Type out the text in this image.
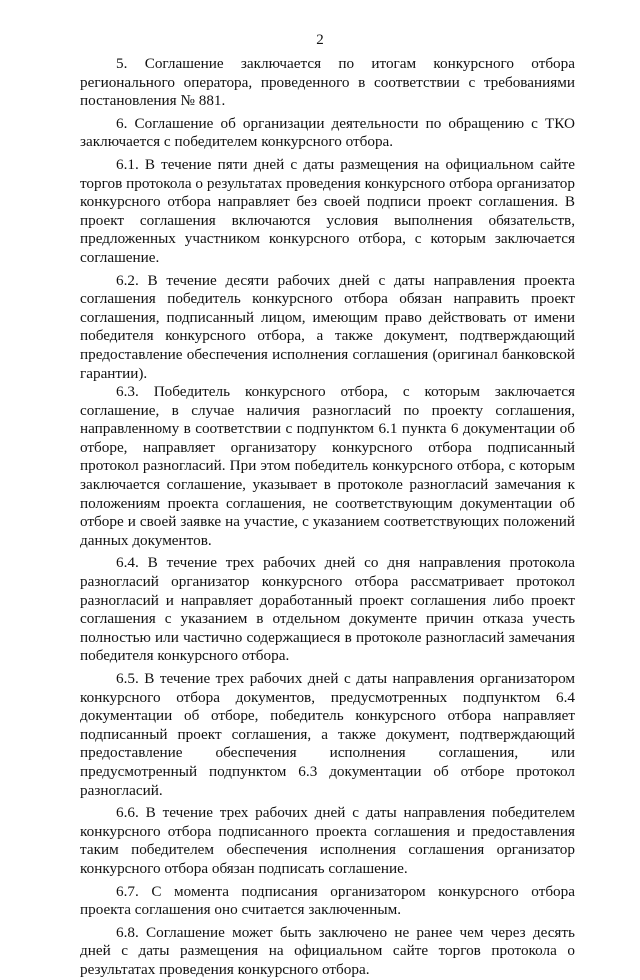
2

5. Соглашение заключается по итогам конкурсного отбора регионального оператора, проведенного в соответствии с требованиями постановления № 881.

6. Соглашение об организации деятельности по обращению с ТКО заключается с победителем конкурсного отбора.

6.1. В течение пяти дней с даты размещения на официальном сайте торгов протокола о результатах проведения конкурсного отбора организатор конкурсного отбора направляет без своей подписи проект соглашения. В проект соглашения включаются условия выполнения обязательств, предложенных участником конкурсного отбора, с которым заключается соглашение.

6.2. В течение десяти рабочих дней с даты направления проекта соглашения победитель конкурсного отбора обязан направить проект соглашения, подписанный лицом, имеющим право действовать от имени победителя конкурсного отбора, а также документ, подтверждающий предоставление обеспечения исполнения соглашения (оригинал банковской гарантии).

6.3. Победитель конкурсного отбора, с которым заключается соглашение, в случае наличия разногласий по проекту соглашения, направленному в соответствии с подпунктом 6.1 пункта 6 документации об отборе, направляет организатору конкурсного отбора подписанный протокол разногласий. При этом победитель конкурсного отбора, с которым заключается соглашение, указывает в протоколе разногласий замечания к положениям проекта соглашения, не соответствующим документации об отборе и своей заявке на участие, с указанием соответствующих положений данных документов.

6.4. В течение трех рабочих дней со дня направления протокола разногласий организатор конкурсного отбора рассматривает протокол разногласий и направляет доработанный проект соглашения либо проект соглашения с указанием в отдельном документе причин отказа учесть полностью или частично содержащиеся в протоколе разногласий замечания победителя конкурсного отбора.

6.5. В течение трех рабочих дней с даты направления организатором конкурсного отбора документов, предусмотренных подпунктом 6.4 документации об отборе, победитель конкурсного отбора направляет подписанный проект соглашения, а также документ, подтверждающий предоставление обеспечения исполнения соглашения, или предусмотренный подпунктом 6.3 документации об отборе протокол разногласий.

6.6. В течение трех рабочих дней с даты направления победителем конкурсного отбора подписанного проекта соглашения и предоставления таким победителем обеспечения исполнения соглашения организатор конкурсного отбора обязан подписать соглашение.

6.7. С момента подписания организатором конкурсного отбора проекта соглашения оно считается заключенным.

6.8. Соглашение может быть заключено не ранее чем через десять дней с даты размещения на официальном сайте торгов протокола о результатах проведения конкурсного отбора.
